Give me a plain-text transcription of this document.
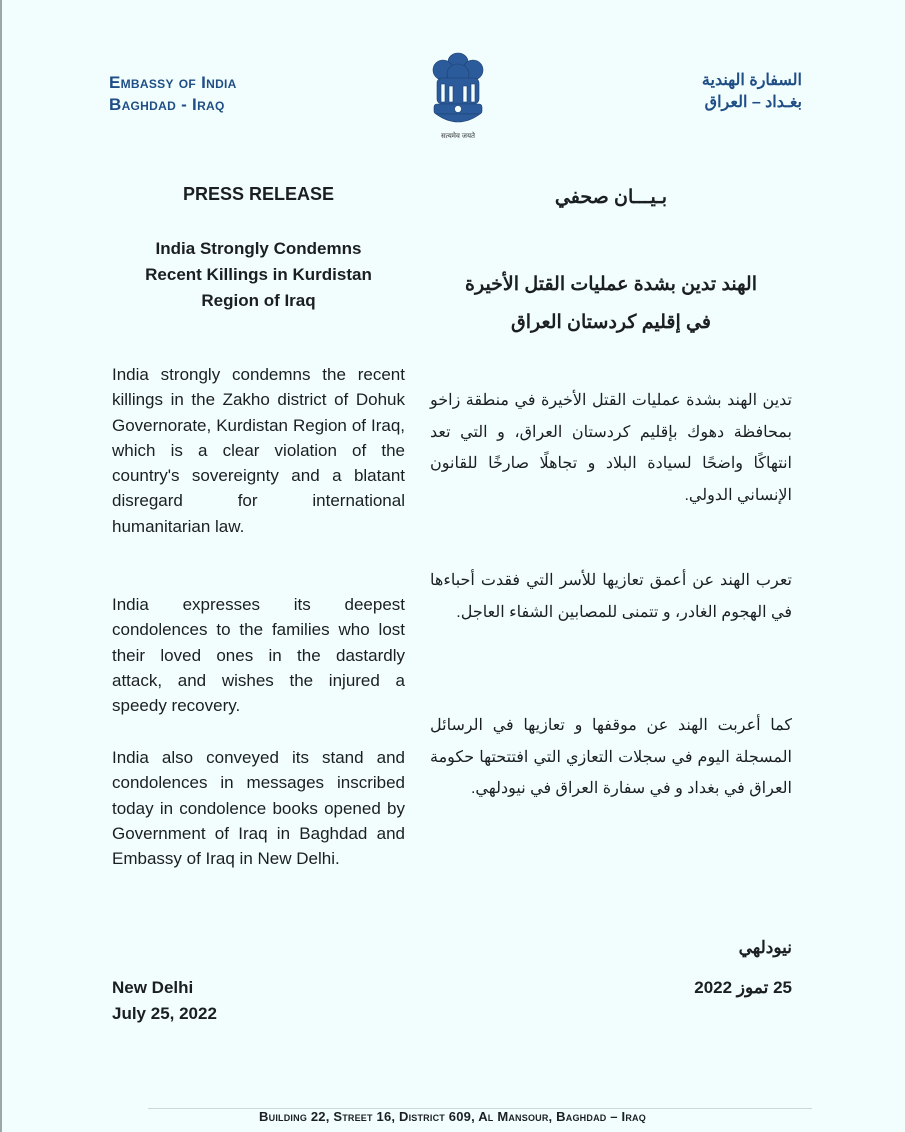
Embassy of India
Baghdad - Iraq
सत्यमेव जयते
السفارة الهندية
بغـداد – العراق
PRESS RELEASE
India Strongly Condemns
Recent Killings in Kurdistan
Region of Iraq
India strongly condemns the recent killings in the Zakho district of Dohuk Governorate, Kurdistan Region of Iraq, which is a clear violation of the country's sovereignty and a blatant disregard for international humanitarian law.
India expresses its deepest condolences to the families who lost their loved ones in the dastardly attack, and wishes the injured a speedy recovery.
India also conveyed its stand and condolences in messages inscribed today in condolence books opened by Government of Iraq in Baghdad and Embassy of Iraq in New Delhi.
New Delhi
July 25, 2022
بـيـــان صحفي
الهند تدين بشدة عمليات القتل الأخيرة
في إقليم كردستان العراق
تدين الهند بشدة عمليات القتل الأخيرة في منطقة زاخو بمحافظة دهوك بإقليم كردستان العراق، و التي تعد انتهاكًا واضحًا لسيادة البلاد و تجاهلًا صارخًا للقانون الإنساني الدولي.
تعرب الهند عن أعمق تعازيها للأسر التي فقدت أحباءها في الهجوم الغادر، و تتمنى للمصابين الشفاء العاجل.
كما أعربت الهند عن موقفها و تعازيها في الرسائل المسجلة اليوم في سجلات التعازي التي افتتحتها حكومة العراق في بغداد و في سفارة العراق في نيودلهي.
نيودلهي
25 تموز 2022
Building 22, Street 16, District 609, Al Mansour, Baghdad – Iraq
